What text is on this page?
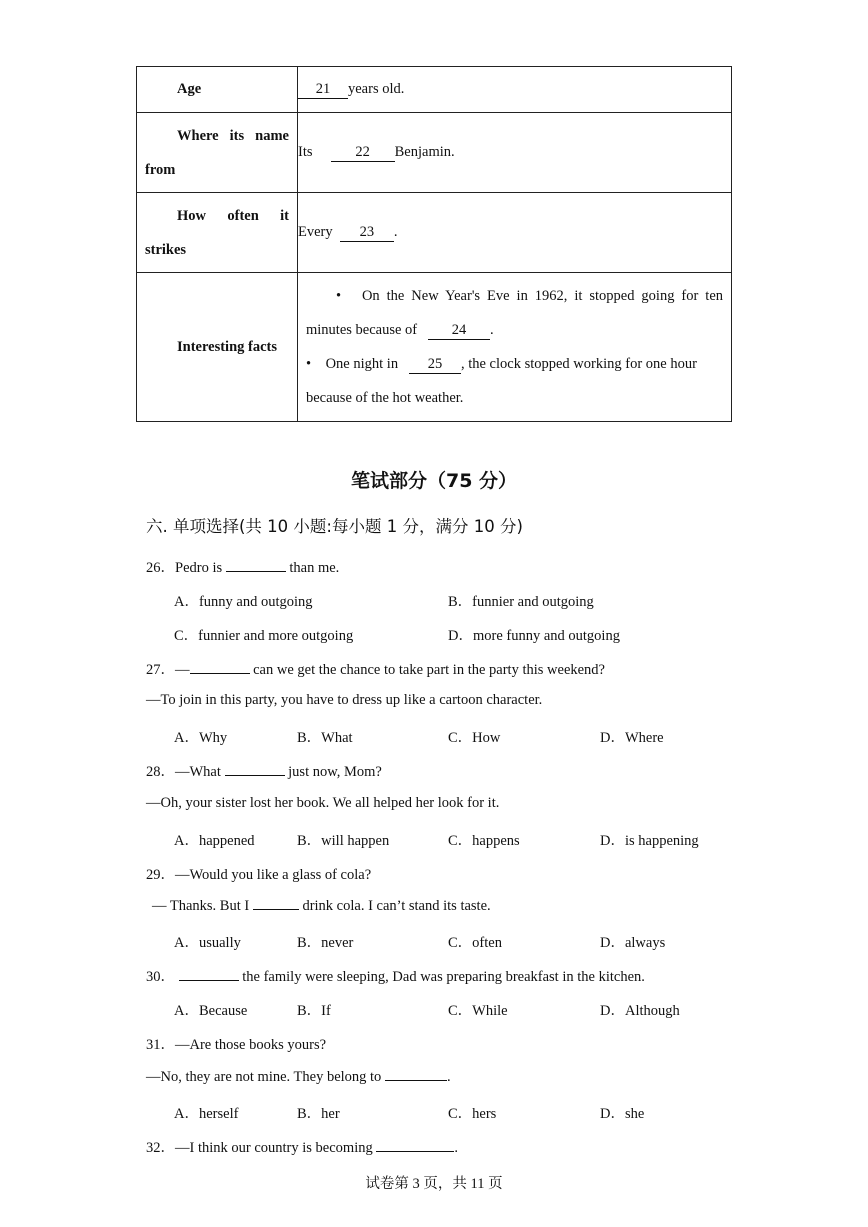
Age	21 years old.

Where its name
from	Its 22 Benjamin.

How often it
strikes	Every 23 .

Interesting facts	•   On the New Year's Eve in 1962, it stopped going for ten
minutes because of 24 .
•    One night in 25 , the clock stopped working for one hour
because of the hot weather.
笔试部分（75 分）
六. 单项选择(共 10 小题:每小题 1 分，满分 10 分)
26．Pedro is	than me.
A．funny and outgoing	B．funnier and outgoing
C．funnier and more outgoing	D．more funny and outgoing
27．—	can we get the chance to take part in the party this weekend?
—To join in this party, you have to dress up like a cartoon character.
A．Why	B．What	C．How	D．Where
28．—What	just now, Mom?
—Oh, your sister lost her book. We all helped her look for it.
A．happened	B．will happen	C．happens	D．is happening
29．—Would you like a glass of cola?
— Thanks. But I	drink cola. I can’t stand its taste.
A．usually	B．never	C．often	D．always
30．	the family were sleeping, Dad was preparing breakfast in the kitchen.
A．Because	B．If	C．While	D．Although
31．—Are those books yours?
—No, they are not mine. They belong to	.
A．herself	B．her	C．hers	D．she
32．—I think our country is becoming	.
试卷第 3 页，共 11 页
